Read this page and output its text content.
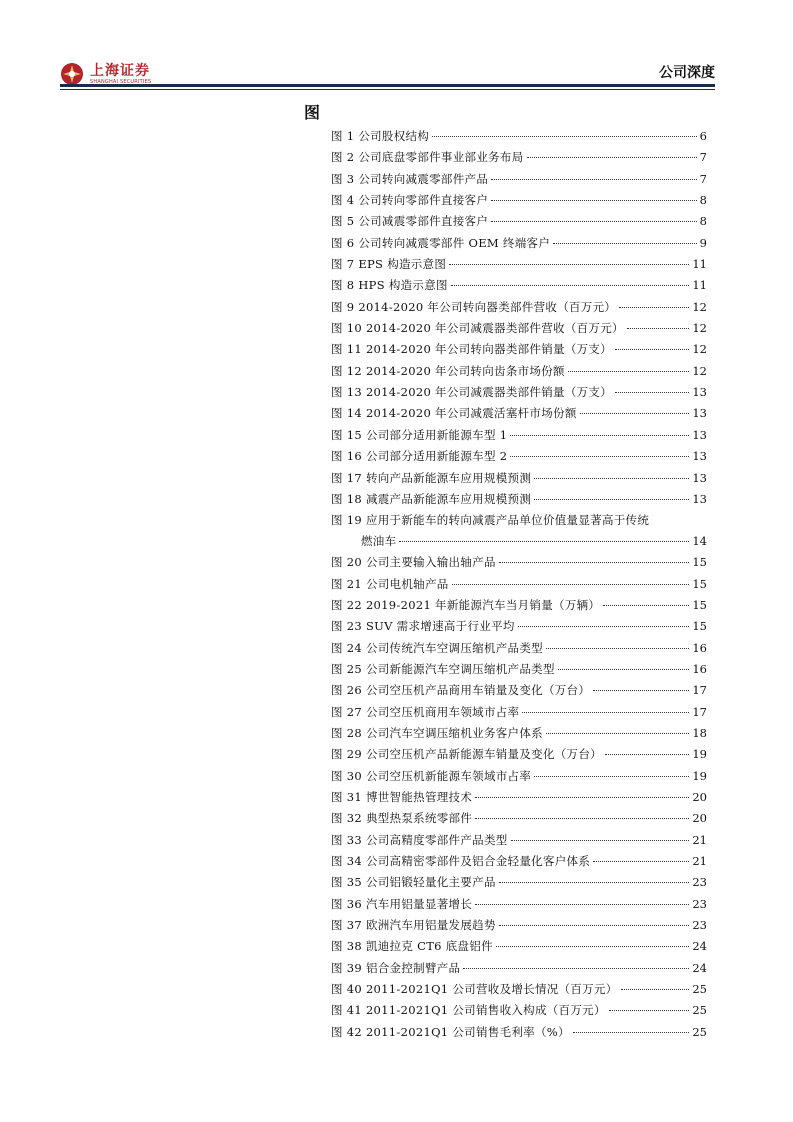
上海证券
SHANGHAI SECURITIES
公司深度
图
图 1 公司股权结构	6
图 2 公司底盘零部件事业部业务布局	7
图 3 公司转向减震零部件产品	7
图 4 公司转向零部件直接客户	8
图 5 公司减震零部件直接客户	8
图 6 公司转向减震零部件 OEM 终端客户	9
图 7 EPS 构造示意图	11
图 8 HPS 构造示意图	11
图 9 2014-2020 年公司转向器类部件营收（百万元）	12
图 10 2014-2020 年公司减震器类部件营收（百万元）	12
图 11 2014-2020 年公司转向器类部件销量（万支）	12
图 12 2014-2020 年公司转向齿条市场份额	12
图 13 2014-2020 年公司减震器类部件销量（万支）	13
图 14 2014-2020 年公司减震活塞杆市场份额	13
图 15 公司部分适用新能源车型 1	13
图 16 公司部分适用新能源车型 2	13
图 17 转向产品新能源车应用规模预测	13
图 18 减震产品新能源车应用规模预测	13
图 19 应用于新能车的转向减震产品单位价值量显著高于传统
燃油车	14
图 20 公司主要输入输出轴产品	15
图 21 公司电机轴产品	15
图 22 2019-2021 年新能源汽车当月销量（万辆）	15
图 23 SUV 需求增速高于行业平均	15
图 24 公司传统汽车空调压缩机产品类型	16
图 25 公司新能源汽车空调压缩机产品类型	16
图 26 公司空压机产品商用车销量及变化（万台）	17
图 27 公司空压机商用车领域市占率	17
图 28 公司汽车空调压缩机业务客户体系	18
图 29 公司空压机产品新能源车销量及变化（万台）	19
图 30 公司空压机新能源车领域市占率	19
图 31 博世智能热管理技术	20
图 32 典型热泵系统零部件	20
图 33 公司高精度零部件产品类型	21
图 34 公司高精密零部件及铝合金轻量化客户体系	21
图 35 公司铝锻轻量化主要产品	23
图 36 汽车用铝量显著增长	23
图 37 欧洲汽车用铝量发展趋势	23
图 38 凯迪拉克 CT6 底盘铝件	24
图 39 铝合金控制臂产品	24
图 40 2011-2021Q1 公司营收及增长情况（百万元）	25
图 41 2011-2021Q1 公司销售收入构成（百万元）	25
图 42 2011-2021Q1 公司销售毛利率（%）	25
